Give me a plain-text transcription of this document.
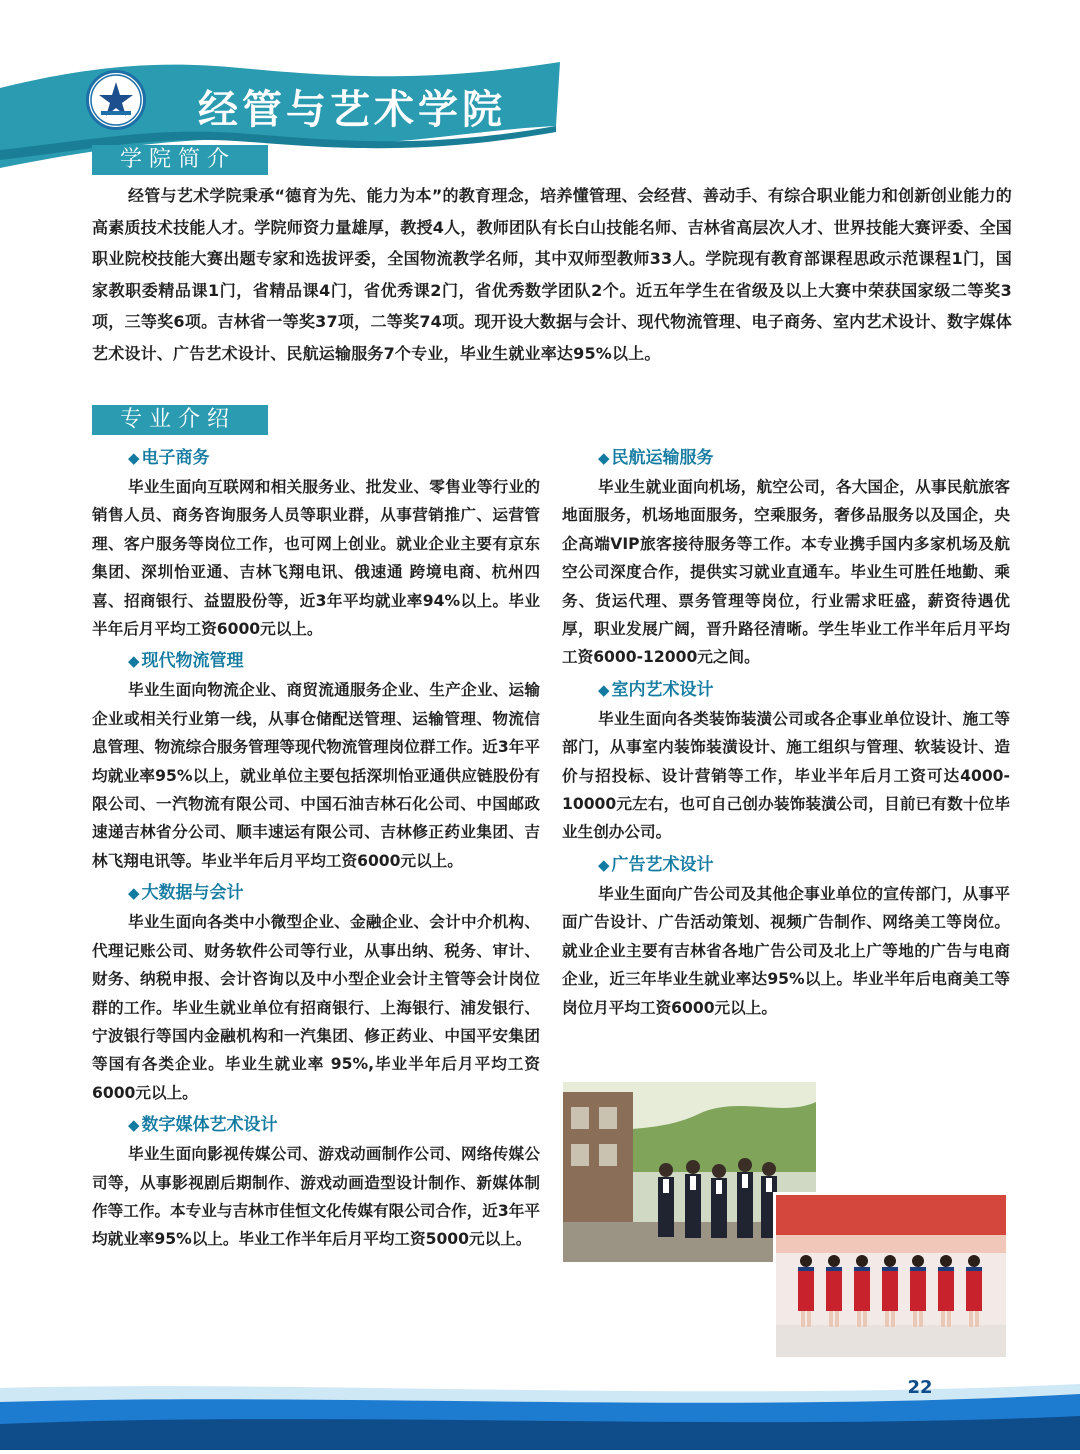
经管与艺术学院
学院简介

经管与艺术学院秉承“德育为先、能力为本”的教育理念，培养懂管理、会经营、善动手、有综合职业能力和创新创业能力的高素质技术技能人才。学院师资力量雄厚，教授4人，教师团队有长白山技能名师、吉林省高层次人才、世界技能大赛评委、全国职业院校技能大赛出题专家和选拔评委，全国物流教学名师，其中双师型教师33人。学院现有教育部课程思政示范课程1门，国家教职委精品课1门，省精品课4门，省优秀课2门，省优秀数学团队2个。近五年学生在省级及以上大赛中荣获国家级二等奖3项，三等奖6项。吉林省一等奖37项，二等奖74项。现开设大数据与会计、现代物流管理、电子商务、室内艺术设计、数字媒体艺术设计、广告艺术设计、民航运输服务7个专业，毕业生就业率达95%以上。

专业介绍
◆ 电子商务

毕业生面向互联网和相关服务业、批发业、零售业等行业的销售人员、商务咨询服务人员等职业群，从事营销推广、运营管理、客户服务等岗位工作，也可网上创业。就业企业主要有京东集团、深圳怡亚通、吉林飞翔电讯、俄速通 跨境电商、杭州四喜、招商银行、益盟股份等，近3年平均就业率94%以上。毕业半年后月平均工资6000元以上。

◆ 现代物流管理

毕业生面向物流企业、商贸流通服务企业、生产企业、运输企业或相关行业第一线，从事仓储配送管理、运输管理、物流信息管理、物流综合服务管理等现代物流管理岗位群工作。近3年平均就业率95%以上，就业单位主要包括深圳怡亚通供应链股份有限公司、一汽物流有限公司、中国石油吉林石化公司、中国邮政速递吉林省分公司、顺丰速运有限公司、吉林修正药业集团、吉林飞翔电讯等。毕业半年后月平均工资6000元以上。

◆ 大数据与会计

毕业生面向各类中小微型企业、金融企业、会计中介机构、代理记账公司、财务软件公司等行业，从事出纳、税务、审计、财务、纳税申报、会计咨询以及中小型企业会计主管等会计岗位群的工作。毕业生就业单位有招商银行、上海银行、浦发银行、宁波银行等国内金融机构和一汽集团、修正药业、中国平安集团等国有各类企业。毕业生就业率 95%,毕业半年后月平均工资6000元以上。

◆ 数字媒体艺术设计

毕业生面向影视传媒公司、游戏动画制作公司、网络传媒公司等，从事影视剧后期制作、游戏动画造型设计制作、新媒体制作等工作。本专业与吉林市佳恒文化传媒有限公司合作，近3年平均就业率95%以上。毕业工作半年后月平均工资5000元以上。

◆ 民航运输服务

毕业生就业面向机场，航空公司，各大国企，从事民航旅客地面服务，机场地面服务，空乘服务，奢侈品服务以及国企，央企高端VIP旅客接待服务等工作。本专业携手国内多家机场及航空公司深度合作，提供实习就业直通车。毕业生可胜任地勤、乘务、货运代理、票务管理等岗位，行业需求旺盛，薪资待遇优厚，职业发展广阔，晋升路径清晰。学生毕业工作半年后月平均工资6000-12000元之间。

◆ 室内艺术设计

毕业生面向各类装饰装潢公司或各企事业单位设计、施工等部门，从事室内装饰装潢设计、施工组织与管理、软装设计、造价与招投标、设计营销等工作，毕业半年后月工资可达4000-10000元左右，也可自己创办装饰装潢公司，目前已有数十位毕业生创办公司。

◆ 广告艺术设计

毕业生面向广告公司及其他企事业单位的宣传部门，从事平面广告设计、广告活动策划、视频广告制作、网络美工等岗位。就业企业主要有吉林省各地广告公司及北上广等地的广告与电商企业，近三年毕业生就业率达95%以上。毕业半年后电商美工等岗位月平均工资6000元以上。

22
